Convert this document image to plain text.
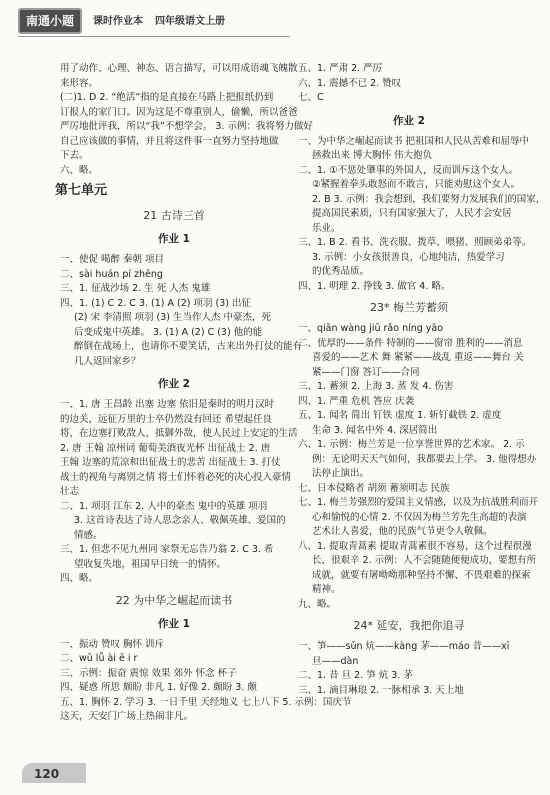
南通小题	课时作业本 四年级语文上册
用了动作、心理、神态、语言描写，可以用成语魂飞魄散
来形容。
(二)1. D 2. “绝活”指的是直接在马路上把报纸扔到
订报人的家门口。因为这是不尊重别人，偷懒，所以爸爸
严厉地批评我，所以“我”不想学会。 3. 示例：我将努力做好
自己应该做的事情，并且将这件事一直努力坚持地做
下去。
六、略。
第七单元
21 古诗三首
作业 1
一、使促 喝醉 秦朝 项目
二、sài huán pí zhēng
三、1. 征战沙场 2. 生 死 人杰 鬼雄
四、1. (1) C 2. C 3. (1) A (2) 项羽 (3) 出征
(2) 宋 李清照 项羽 (3) 生当作人杰 中豪杰，死
后变成鬼中英雄。 3. (1) A (2) C (3) 他的能
醉倒在战场上，也请你不要笑话，古来出外打仗的能有
几人返回家乡？
作业 2
一、1. 唐 王昌龄 出塞 边塞 依旧是秦时的明月汉时
的边关，远征万里的士卒仍然没有回还 希望起任良
将，在边塞打败敌人，抵御外敌，使人民过上安定的生活
2. 唐 王翰 凉州词 葡萄美酒夜光杯 出征战士 2. 唐
王翰 边塞的荒凉和出征战士的悲苦 出征战士 3. 打仗
战士的视角与离别之情 将士们怀着必死的决心投入豪情
壮志
二、1. 项羽 江东 2. 人中的豪杰 鬼中的英雄 项羽
3. 这首诗表达了诗人思念亲人、敬佩英雄、爱国的
情感。
三、1. 但悲不见九州同 家祭无忘告乃翁 2. C 3. 希
望收复失地，祖国早日统一的情怀。
四、略。
22 为中华之崛起而读书
作业 1
一、振动 赞叹 胸怀 训斥
二、wǔ lǚ ài ē i r
三、示例：振奋 震惊 效果 郊外 怀念 杯子
四、疑惑 所思 颇盼 非凡 1. 好像 2. 颇盼 3. 颇
五、1. 胸怀 2. 学习 3. 一日千里 天经地义 七上八下 5. 示例：国庆节
这天，天安门广场上热闹非凡。
五、1. 严肃 2. 严厉
六、1. 震撼不已 2. 赞叹
七、C
作业 2
一、为中华之崛起而读书 把祖国和人民从苦难和屈辱中
拯救出来 博大胸怀 伟大抱负
二、1. ①不惩处肇事的外国人，反而训斥这个女人。
②紧握着拳头敢怒而不敢言，只能劝慰这个女人。
2. B 3. 示例：我会想到，我们要努力发展我们的国家，
提高国民素质，只有国家强大了，人民才会安居
乐业。
三、1. B 2. 看书、洗衣服、拨草、喂猪、照顾弟弟等。
3. 示例：小女孩很善良，心地纯洁，热爱学习
的优秀品质。
四、1. 明理 2. 挣钱 3. 做官 4. 略。
23* 梅兰芳蓄须
一、qiān wàng jiū rǎo níng yāo
二、优厚的——条件 特制的——窗帘 胜利的——消息
喜爱的——艺术 舞 紧紧——战乱 重返——舞台 关
紧——门窗 答订——合同
三、1. 蓄须 2. 上海 3. 蒸 发 4. 伤害
四、1. 严重 危机 答应 庆袭
五、1. 闻名 简出 钉铁 虚度 1. 斩钉截铁 2. 虚度
生命 3. 闻名中外 4. 深居简出
六、1. 示例：梅兰芳是一位享誉世界的艺术家。 2. 示
例：无论明天天气如何，我都要去上学。 3. 他得想办
法停止演出。
七、日本侵略者 胡须 蓄须明志 民族
七、1. 梅兰芳强烈的爱国主义情感，以及为抗战胜利而开
心和愉悦的心情 2. 不仅因为梅兰芳先生高超的表演
艺术让人喜爱，他的民族气节更令人敬佩。
八、1. 提取青蒿素 提取青蒿素很不容易，这个过程很漫
长，很艰辛 2. 示例：人不会随随便便成功，要想有所
成就，就要有屠呦呦那种坚持不懈、不畏艰难的探索
精神。
九、略。
24* 延安，我把你追寻
一、笋——sǔn 炕——kàng 茅——máo 昔——xī
旦——dàn
二、1. 昔 旦 2. 笋 炕 3. 茅
三、1. 滴目琳琅 2. 一脉相承 3. 天上地
120
